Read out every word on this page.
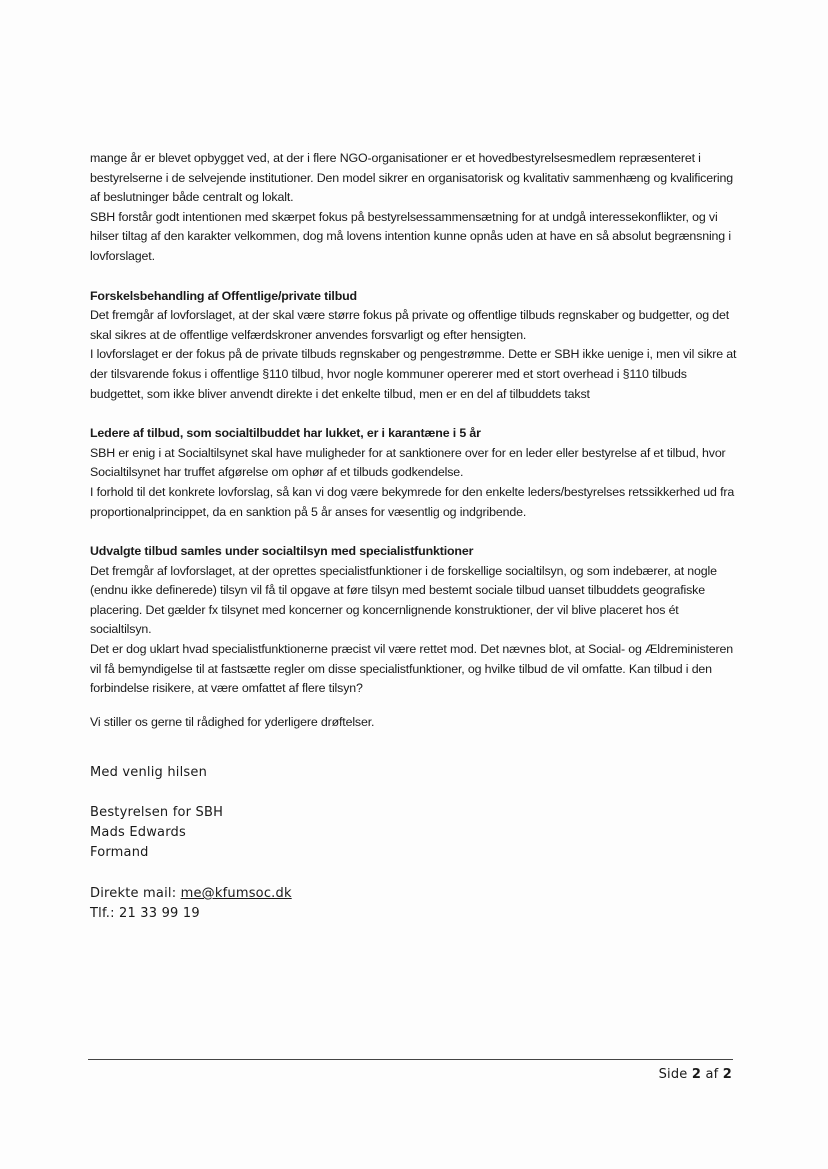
mange år er blevet opbygget ved, at der i flere NGO-organisationer er et hovedbestyrelsesmedlem repræsenteret i bestyrelserne i de selvejende institutioner. Den model sikrer en organisatorisk og kvalitativ sammenhæng og kvalificering af beslutninger både centralt og lokalt.

SBH forstår godt intentionen med skærpet fokus på bestyrelsessammensætning for at undgå interessekonflikter, og vi hilser tiltag af den karakter velkommen, dog må lovens intention kunne opnås uden at have en så absolut begrænsning i lovforslaget.

Forskelsbehandling af Offentlige/private tilbud

Det fremgår af lovforslaget, at der skal være større fokus på private og offentlige tilbuds regnskaber og budgetter, og det skal sikres at de offentlige velfærdskroner anvendes forsvarligt og efter hensigten.

I lovforslaget er der fokus på de private tilbuds regnskaber og pengestrømme. Dette er SBH ikke uenige i, men vil sikre at der tilsvarende fokus i offentlige §110 tilbud, hvor nogle kommuner opererer med et stort overhead i §110 tilbuds budgettet, som ikke bliver anvendt direkte i det enkelte tilbud, men er en del af tilbuddets takst

Ledere af tilbud, som socialtilbuddet har lukket, er i karantæne i 5 år

SBH er enig i at Socialtilsynet skal have muligheder for at sanktionere over for en leder eller bestyrelse af et tilbud, hvor Socialtilsynet har truffet afgørelse om ophør af et tilbuds godkendelse.

I forhold til det konkrete lovforslag, så kan vi dog være bekymrede for den enkelte leders/bestyrelses retssikkerhed ud fra proportionalprincippet, da en sanktion på 5 år anses for væsentlig og indgribende.

Udvalgte tilbud samles under socialtilsyn med specialistfunktioner

Det fremgår af lovforslaget, at der oprettes specialistfunktioner i de forskellige socialtilsyn, og som indebærer, at nogle (endnu ikke definerede) tilsyn vil få til opgave at føre tilsyn med bestemt sociale tilbud uanset tilbuddets geografiske placering. Det gælder fx tilsynet med koncerner og koncernlignende konstruktioner, der vil blive placeret hos ét socialtilsyn.

Det er dog uklart hvad specialistfunktionerne præcist vil være rettet mod. Det nævnes blot, at Social- og Ældreministeren vil få bemyndigelse til at fastsætte regler om disse specialistfunktioner, og hvilke tilbud de vil omfatte. Kan tilbud i den forbindelse risikere, at være omfattet af flere tilsyn?

Vi stiller os gerne til rådighed for yderligere drøftelser.

Med venlig hilsen

Bestyrelsen for SBH

Mads Edwards

Formand

Direkte mail: me@kfumsoc.dk

Tlf.: 21 33 99 19

Side 2 af 2
